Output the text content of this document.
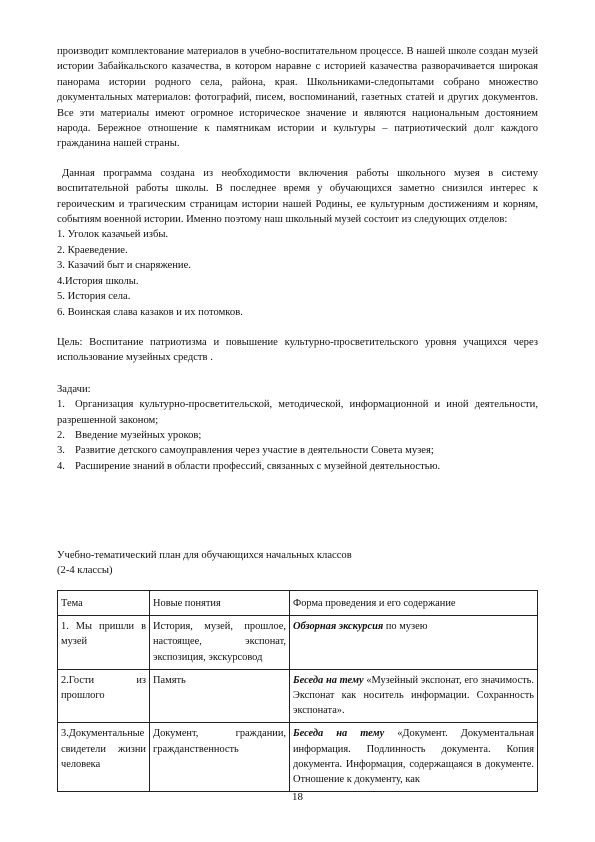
производит комплектование материалов в учебно-воспитательном процессе. В нашей школе создан музей истории Забайкальского казачества, в котором наравне с историей казачества разворачивается широкая панорама истории родного села, района, края. Школьниками-следопытами собрано множество документальных материалов: фотографий, писем, воспоминаний, газетных статей и других документов. Все эти материалы имеют огромное историческое значение и являются национальным достоянием народа. Бережное отношение к памятникам истории и культуры – патриотический долг каждого гражданина нашей страны.

Данная программа создана из необходимости включения работы школьного музея в систему воспитательной работы школы. В последнее время у обучающихся заметно снизился интерес к героическим и трагическим страницам истории нашей Родины, ее культурным достижениям и корням, событиям военной истории. Именно поэтому наш школьный музей состоит из следующих отделов:

1. Уголок казачьей избы.
2. Краеведение.
3. Казачий быт и снаряжение.
4.История школы.
5. История села.
6. Воинская слава казаков и их потомков.

Цель: Воспитание патриотизма и повышение культурно-просветительского уровня учащихся через использование музейных средств .

Задачи:

1. Организация культурно-просветительской, методической, информационной и иной деятельности, разрешенной законом;
2. Введение музейных уроков;
3. Развитие детского самоуправления через участие в деятельности Совета музея;
4. Расширение знаний в области профессий, связанных с музейной деятельностью.
Учебно-тематический план для обучающихся начальных классов
(2-4 классы)
Тема	Новые понятия	Форма проведения и его содержание
1. Мы пришли в музей	История, музей, прошлое, настоящее, экспонат, экспозиция, экскурсовод	Обзорная экскурсия по музею
2.Гости из прошлого	Память	Беседа на тему «Музейный экспонат, его значимость. Экспонат как носитель информации. Сохранность экспоната».
3.Документальные свидетели жизни человека	Документ, граждании, гражданственность	Беседа на тему «Документ. Документальная информация. Подлинность документа. Копия документа. Информация, содержащаяся в документе. Отношение к документу, как
18
